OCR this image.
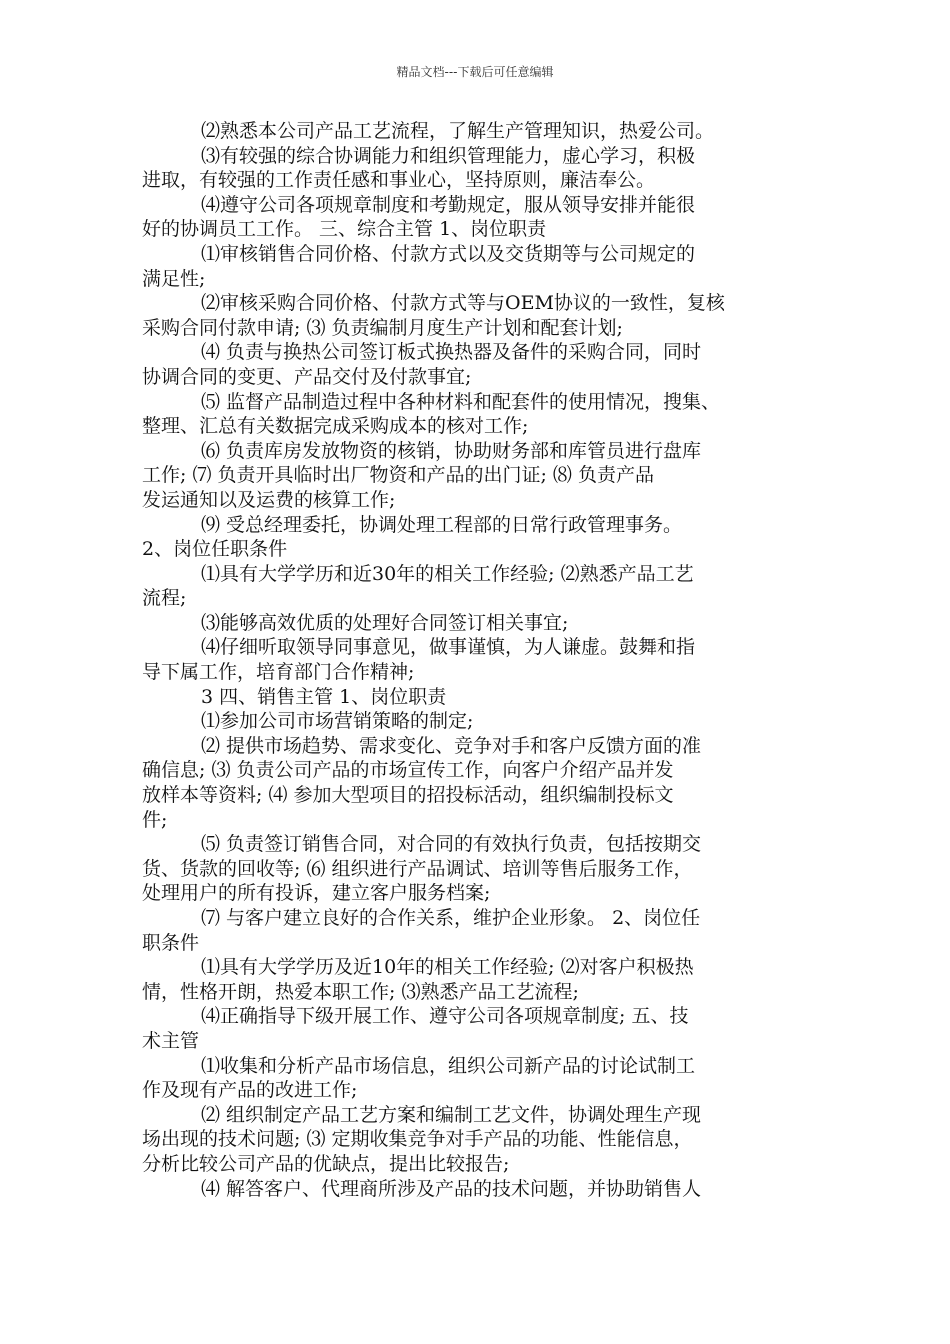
精品文档---下载后可任意编辑
⑵熟悉本公司产品工艺流程，了解生产管理知识，热爱公司。
⑶有较强的综合协调能力和组织管理能力，虚心学习，积极
进取，有较强的工作责任感和事业心，坚持原则，廉洁奉公。
⑷遵守公司各项规章制度和考勤规定，服从领导安排并能很
好的协调员工工作。 三、综合主管 1、岗位职责
⑴审核销售合同价格、付款方式以及交货期等与公司规定的
满足性;
⑵审核采购合同价格、付款方式等与OEM协议的一致性，复核
采购合同付款申请; ⑶ 负责编制月度生产计划和配套计划;
⑷ 负责与换热公司签订板式换热器及备件的采购合同，同时
协调合同的变更、产品交付及付款事宜;
⑸ 监督产品制造过程中各种材料和配套件的使用情况，搜集、
整理、汇总有关数据完成采购成本的核对工作;
⑹ 负责库房发放物资的核销，协助财务部和库管员进行盘库
工作; ⑺ 负责开具临时出厂物资和产品的出门证; ⑻ 负责产品
发运通知以及运费的核算工作;
⑼ 受总经理委托，协调处理工程部的日常行政管理事务。
2、岗位任职条件
⑴具有大学学历和近30年的相关工作经验; ⑵熟悉产品工艺
流程;
⑶能够高效优质的处理好合同签订相关事宜;
⑷仔细听取领导同事意见，做事谨慎，为人谦虚。鼓舞和指
导下属工作，培育部门合作精神;
3 四、销售主管 1、岗位职责
⑴参加公司市场营销策略的制定;
⑵ 提供市场趋势、需求变化、竞争对手和客户反馈方面的准
确信息; ⑶ 负责公司产品的市场宣传工作，向客户介绍产品并发
放样本等资料; ⑷ 参加大型项目的招投标活动，组织编制投标文
件;
⑸ 负责签订销售合同，对合同的有效执行负责，包括按期交
货、货款的回收等; ⑹ 组织进行产品调试、培训等售后服务工作，
处理用户的所有投诉，建立客户服务档案;
⑺ 与客户建立良好的合作关系，维护企业形象。 2、岗位任
职条件
⑴具有大学学历及近10年的相关工作经验; ⑵对客户积极热
情，性格开朗，热爱本职工作; ⑶熟悉产品工艺流程;
⑷正确指导下级开展工作、遵守公司各项规章制度; 五、技
术主管
⑴收集和分析产品市场信息，组织公司新产品的讨论试制工
作及现有产品的改进工作;
⑵ 组织制定产品工艺方案和编制工艺文件，协调处理生产现
场出现的技术问题; ⑶ 定期收集竞争对手产品的功能、性能信息，
分析比较公司产品的优缺点，提出比较报告;
⑷ 解答客户、代理商所涉及产品的技术问题，并协助销售人
